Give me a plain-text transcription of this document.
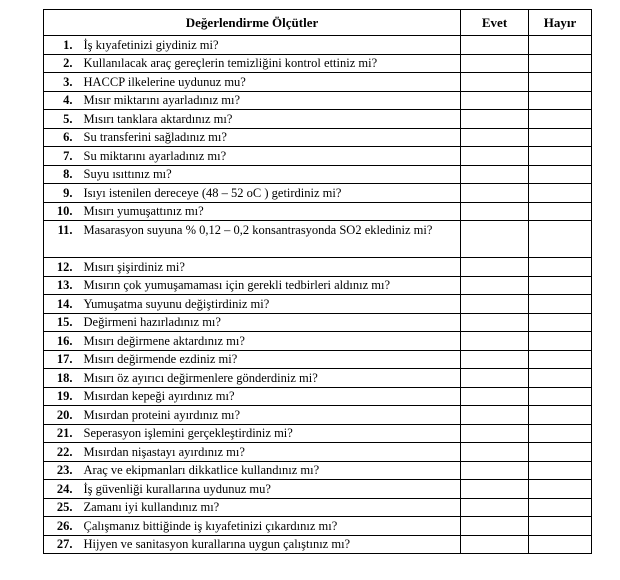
Değerlendirme Ölçütler		Evet	Hayır
1.	İş kıyafetinizi giydiniz mi?		
2.	Kullanılacak araç gereçlerin temizliğini kontrol ettiniz mi?		
3.	HACCP ilkelerine uydunuz mu?		
4.	Mısır miktarını ayarladınız mı?		
5.	Mısırı tanklara aktardınız mı?		
6.	Su transferini sağladınız mı?		
7.	Su miktarını ayarladınız mı?		
8.	Suyu ısıttınız mı?		
9.	Isıyı istenilen dereceye (48 – 52 oC ) getirdiniz mi?		
10.	Mısırı yumuşattınız mı?		
11.	Masarasyon suyuna % 0,12 – 0,2 konsantrasyonda SO2 eklediniz mi?		
12.	Mısırı şişirdiniz mi?		
13.	Mısırın çok yumuşamaması için gerekli tedbirleri aldınız mı?		
14.	Yumuşatma suyunu değiştirdiniz mi?		
15.	Değirmeni hazırladınız mı?		
16.	Mısırı değirmene aktardınız mı?		
17.	Mısırı değirmende ezdiniz mi?		
18.	Mısırı öz ayırıcı değirmenlere gönderdiniz mi?		
19.	Mısırdan kepeği ayırdınız mı?		
20.	Mısırdan proteini ayırdınız mı?		
21.	Seperasyon işlemini gerçekleştirdiniz mi?		
22.	Mısırdan nişastayı ayırdınız mı?		
23.	Araç ve ekipmanları dikkatlice kullandınız mı?		
24.	İş güvenliği kurallarına uydunuz mu?		
25.	Zamanı iyi kullandınız mı?		
26.	Çalışmanız bittiğinde iş kıyafetinizi çıkardınız mı?		
27.	Hijyen ve sanitasyon kurallarına uygun çalıştınız mı?		
